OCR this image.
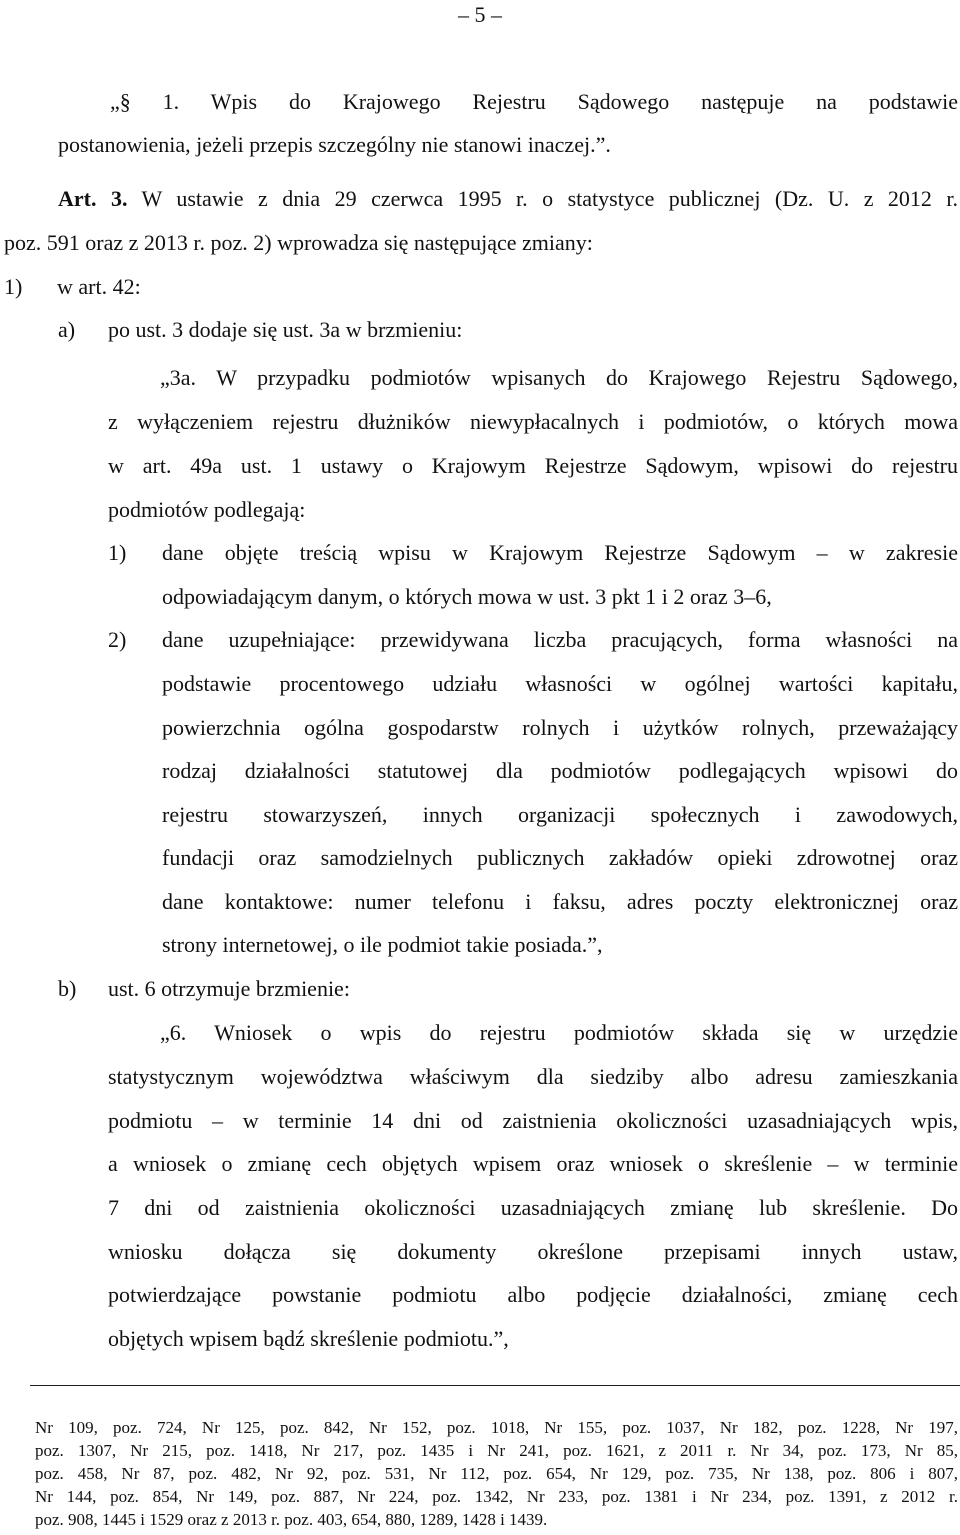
– 5 –

„§ 1. Wpis do Krajowego Rejestru Sądowego następuje na podstawie

postanowienia, jeżeli przepis szczególny nie stanowi inaczej.”.

Art. 3. W ustawie z dnia 29 czerwca 1995 r. o statystyce publicznej (Dz. U. z 2012 r.

poz. 591 oraz z 2013 r. poz. 2) wprowadza się następujące zmiany:

1) w art. 42:

a) po ust. 3 dodaje się ust. 3a w brzmieniu:

„3a. W przypadku podmiotów wpisanych do Krajowego Rejestru Sądowego,

z wyłączeniem rejestru dłużników niewypłacalnych i podmiotów, o których mowa

w art. 49a ust. 1 ustawy o Krajowym Rejestrze Sądowym, wpisowi do rejestru

podmiotów podlegają:

1) dane objęte treścią wpisu w Krajowym Rejestrze Sądowym – w zakresie

odpowiadającym danym, o których mowa w ust. 3 pkt 1 i 2 oraz 3–6,

2) dane uzupełniające: przewidywana liczba pracujących, forma własności na

podstawie procentowego udziału własności w ogólnej wartości kapitału,

powierzchnia ogólna gospodarstw rolnych i użytków rolnych, przeważający

rodzaj działalności statutowej dla podmiotów podlegających wpisowi do

rejestru stowarzyszeń, innych organizacji społecznych i zawodowych,

fundacji oraz samodzielnych publicznych zakładów opieki zdrowotnej oraz

dane kontaktowe: numer telefonu i faksu, adres poczty elektronicznej oraz

strony internetowej, o ile podmiot takie posiada.”,

b) ust. 6 otrzymuje brzmienie:

„6. Wniosek o wpis do rejestru podmiotów składa się w urzędzie

statystycznym województwa właściwym dla siedziby albo adresu zamieszkania

podmiotu – w terminie 14 dni od zaistnienia okoliczności uzasadniających wpis,

a wniosek o zmianę cech objętych wpisem oraz wniosek o skreślenie – w terminie

7 dni od zaistnienia okoliczności uzasadniających zmianę lub skreślenie. Do

wniosku dołącza się dokumenty określone przepisami innych ustaw,

potwierdzające powstanie podmiotu albo podjęcie działalności, zmianę cech

objętych wpisem bądź skreślenie podmiotu.”,

Nr 109, poz. 724, Nr 125, poz. 842, Nr 152, poz. 1018, Nr 155, poz. 1037, Nr 182, poz. 1228, Nr 197,

poz. 1307, Nr 215, poz. 1418, Nr 217, poz. 1435 i Nr 241, poz. 1621, z 2011 r. Nr 34, poz. 173, Nr 85,

poz. 458, Nr 87, poz. 482, Nr 92, poz. 531, Nr 112, poz. 654, Nr 129, poz. 735, Nr 138, poz. 806 i 807,

Nr 144, poz. 854, Nr 149, poz. 887, Nr 224, poz. 1342, Nr 233, poz. 1381 i Nr 234, poz. 1391, z 2012 r.

poz. 908, 1445 i 1529 oraz z 2013 r. poz. 403, 654, 880, 1289, 1428 i 1439.
